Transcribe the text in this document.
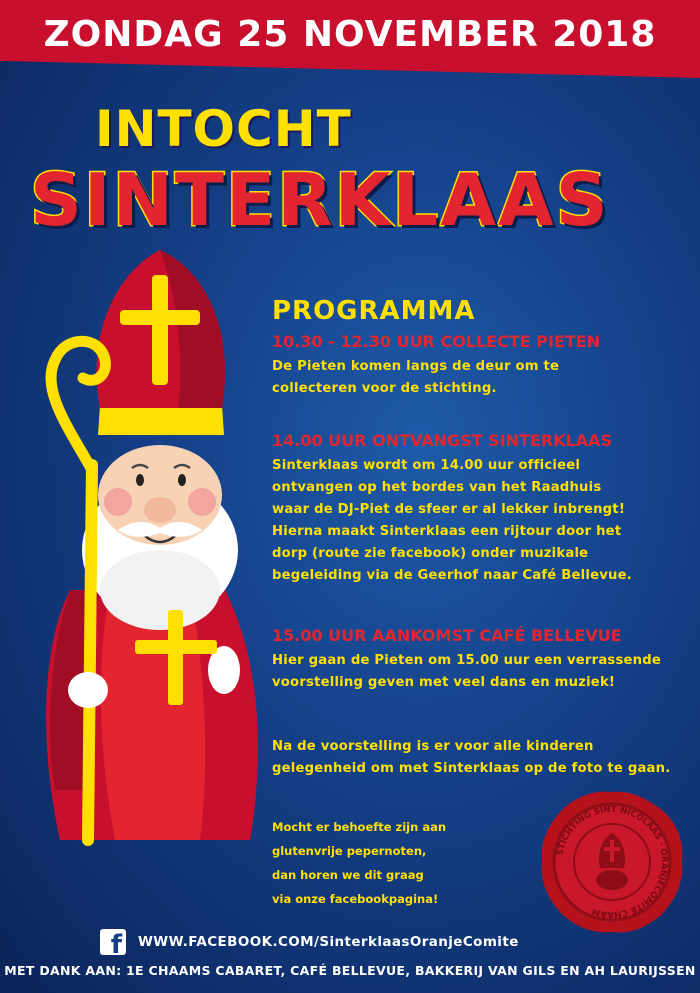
ZONDAG 25 NOVEMBER 2018
INTOCHT
SINTERKLAAS
PROGRAMMA

10.30 - 12.30 UUR COLLECTE PIETEN

De Pieten komen langs de deur om te
collecteren voor de stichting.

14.00 UUR ONTVANGST SINTERKLAAS

Sinterklaas wordt om 14.00 uur officieel
ontvangen op het bordes van het Raadhuis
waar de DJ-Piet de sfeer er al lekker inbrengt!
Hierna maakt Sinterklaas een rijtour door het
dorp (route zie facebook) onder muzikale
begeleiding via de Geerhof naar Café Bellevue.

15.00 UUR AANKOMST CAFÉ BELLEVUE

Hier gaan de Pieten om 15.00 uur een verrassende
voorstelling geven met veel dans en muziek!

Na de voorstelling is er voor alle kinderen
gelegenheid om met Sinterklaas op de foto te gaan.

Mocht er behoefte zijn aan
glutenvrije pepernoten,
dan horen we dit graag
via onze facebookpagina!
STICHTING SINT NICOLAAS · ORANJECOMITÉ CHAAM
f WWW.FACEBOOK.COM/SinterklaasOranjeComite
MET DANK AAN: 1E CHAAMS CABARET, CAFÉ BELLEVUE, BAKKERIJ VAN GILS EN AH LAURIJSSEN
